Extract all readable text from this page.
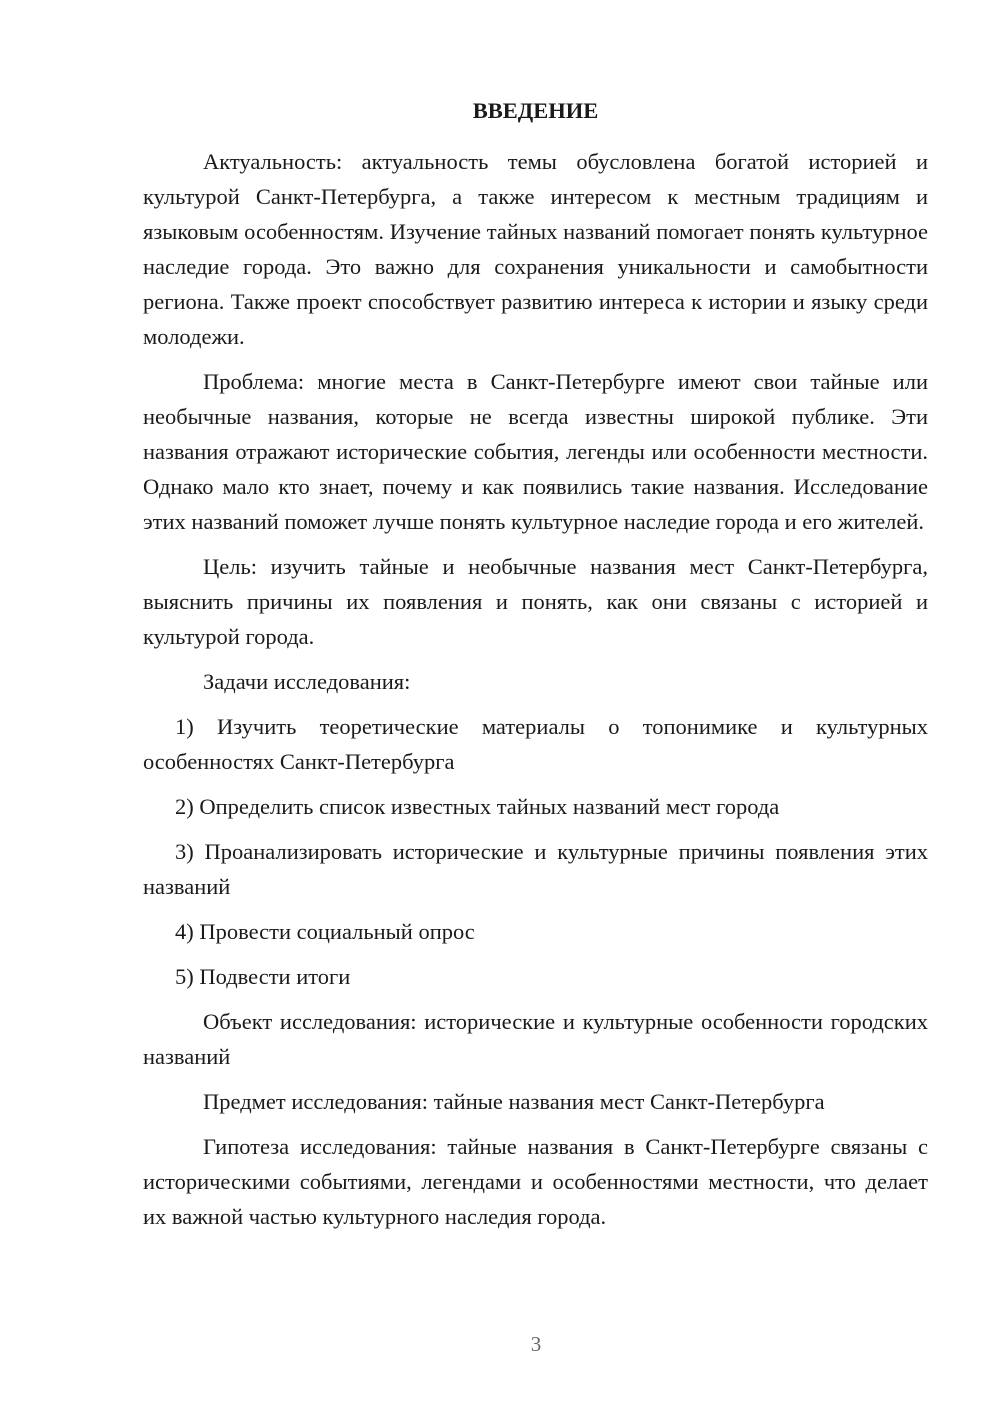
ВВЕДЕНИЕ

Актуальность: актуальность темы обусловлена богатой историей и культурой Санкт-Петербурга, а также интересом к местным традициям и языковым особенностям. Изучение тайных названий помогает понять культурное наследие города. Это важно для сохранения уникальности и самобытности региона. Также проект способствует развитию интереса к истории и языку среди молодежи.

Проблема: многие места в Санкт-Петербурге имеют свои тайные или необычные названия, которые не всегда известны широкой публике. Эти названия отражают исторические события, легенды или особенности местности. Однако мало кто знает, почему и как появились такие названия. Исследование этих названий поможет лучше понять культурное наследие города и его жителей.

Цель: изучить тайные и необычные названия мест Санкт-Петербурга, выяснить причины их появления и понять, как они связаны с историей и культурой города.

Задачи исследования:

1) Изучить теоретические материалы о топонимике и культурных особенностях Санкт-Петербурга

2) Определить список известных тайных названий мест города

3) Проанализировать исторические и культурные причины появления этих названий

4) Провести социальный опрос

5) Подвести итоги

Объект исследования: исторические и культурные особенности городских названий

Предмет исследования: тайные названия мест Санкт-Петербурга

Гипотеза исследования: тайные названия в Санкт-Петербурге связаны с историческими событиями, легендами и особенностями местности, что делает их важной частью культурного наследия города.

3
